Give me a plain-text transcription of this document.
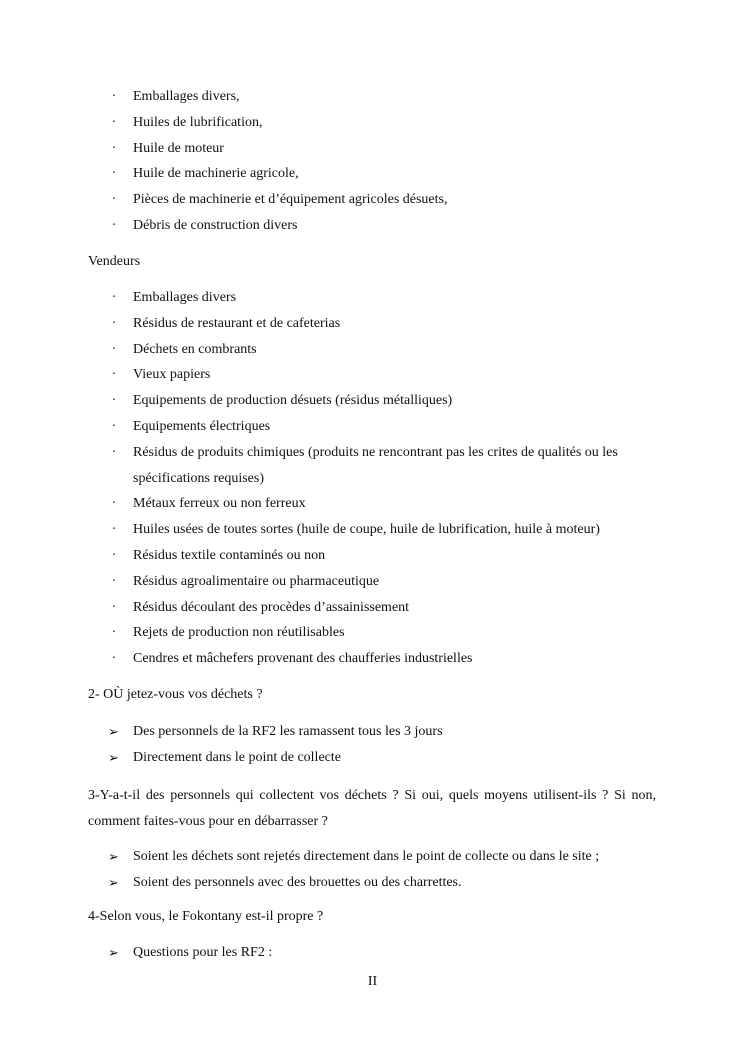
· Emballages divers,
· Huiles de lubrification,
· Huile de moteur
· Huile de machinerie agricole,
· Pièces de machinerie et d’équipement agricoles désuets,
· Débris de construction divers

Vendeurs

· Emballages divers
· Résidus de restaurant et de cafeterias
· Déchets en combrants
· Vieux papiers
· Equipements de production désuets (résidus métalliques)
· Equipements électriques
· Résidus de produits chimiques (produits ne rencontrant pas les crites de qualités ou les spécifications requises)
· Métaux ferreux ou non ferreux
· Huiles usées de toutes sortes (huile de coupe, huile de lubrification, huile à moteur)
· Résidus textile contaminés ou non
· Résidus agroalimentaire ou pharmaceutique
· Résidus découlant des procèdes d’assainissement
· Rejets de production non réutilisables
· Cendres et mâchefers provenant des chaufferies industrielles

2- OÙ jetez-vous vos déchets ?

➢ Des personnels de la RF2 les ramassent tous les 3 jours
➢ Directement dans le point de collecte

3-Y-a-t-il des personnels qui collectent vos déchets ? Si oui, quels moyens utilisent-ils ? Si non, comment faites-vous pour en débarrasser ?

➢ Soient les déchets sont rejetés directement dans le point de collecte ou dans le site ;
➢ Soient des personnels avec des brouettes ou des charrettes.

4-Selon vous, le Fokontany est-il propre ?

➢ Questions pour les RF2 :
II
